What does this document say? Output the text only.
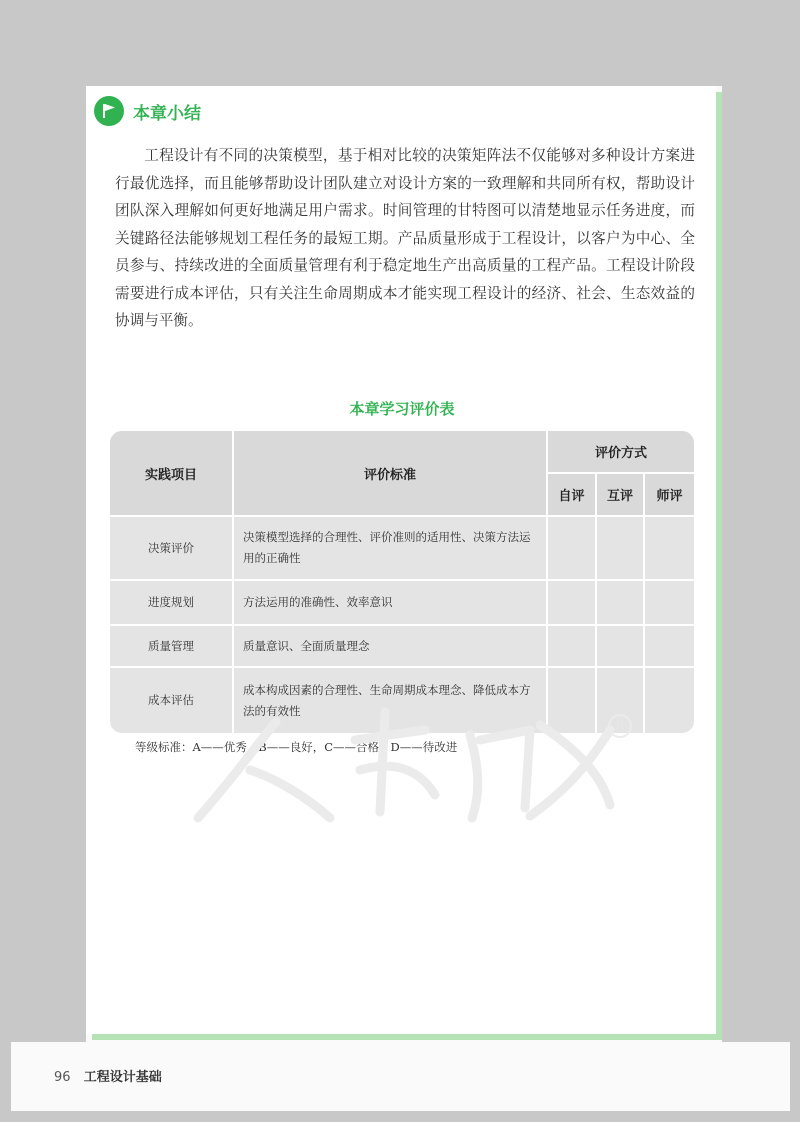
本章小结

工程设计有不同的决策模型，基于相对比较的决策矩阵法不仅能够对多种设计方案进行最优选择，而且能够帮助设计团队建立对设计方案的一致理解和共同所有权，帮助设计团队深入理解如何更好地满足用户需求。时间管理的甘特图可以清楚地显示任务进度，而关键路径法能够规划工程任务的最短工期。产品质量形成于工程设计，以客户为中心、全员参与、持续改进的全面质量管理有利于稳定地生产出高质量的工程产品。工程设计阶段需要进行成本评估，只有关注生命周期成本才能实现工程设计的经济、社会、生态效益的协调与平衡。

本章学习评价表
实践项目	评价标准	评价方式		
		自评	互评	师评
决策评价	决策模型选择的合理性、评价准则的适用性、决策方法运用的正确性			
进度规划	方法运用的准确性、效率意识			
质量管理	质量意识、全面质量理念			
成本评估	成本构成因素的合理性、生命周期成本理念、降低成本方法的有效性			
等级标准：A——优秀，B——良好，C——合格，D——待改进
R
96 工程设计基础
